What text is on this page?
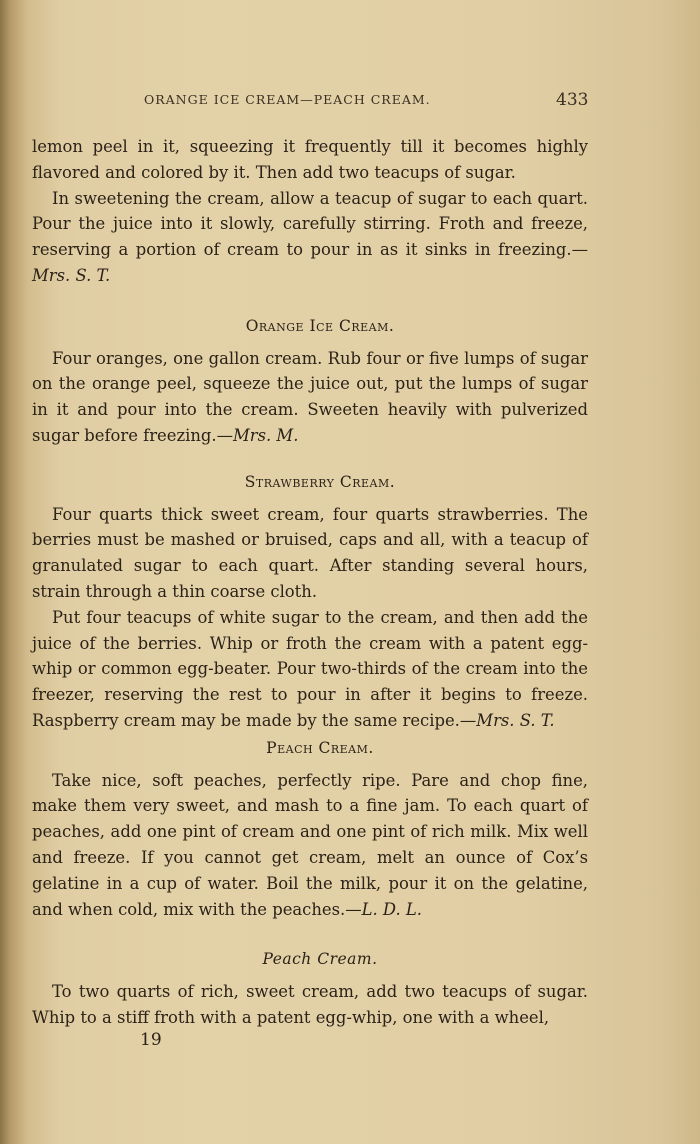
ORANGE ICE CREAM—PEACH CREAM.	433

lemon peel in it, squeezing it frequently till it becomes highly flavored and colored by it. Then add two teacups of sugar.

In sweetening the cream, allow a teacup of sugar to each quart. Pour the juice into it slowly, carefully stirring. Froth and freeze, reserving a portion of cream to pour in as it sinks in freezing.—Mrs. S. T.

Orange Ice Cream.

Four oranges, one gallon cream. Rub four or five lumps of sugar on the orange peel, squeeze the juice out, put the lumps of sugar in it and pour into the cream. Sweeten heavily with pulverized sugar before freezing.—Mrs. M.

Strawberry Cream.

Four quarts thick sweet cream, four quarts strawberries. The berries must be mashed or bruised, caps and all, with a teacup of granulated sugar to each quart. After standing several hours, strain through a thin coarse cloth.

Put four teacups of white sugar to the cream, and then add the juice of the berries. Whip or froth the cream with a patent egg-whip or common egg-beater. Pour two-thirds of the cream into the freezer, reserving the rest to pour in after it begins to freeze. Raspberry cream may be made by the same recipe.—Mrs. S. T.

Peach Cream.

Take nice, soft peaches, perfectly ripe. Pare and chop fine, make them very sweet, and mash to a fine jam. To each quart of peaches, add one pint of cream and one pint of rich milk. Mix well and freeze. If you cannot get cream, melt an ounce of Cox’s gelatine in a cup of water. Boil the milk, pour it on the gelatine, and when cold, mix with the peaches.—L. D. L.

Peach Cream.

To two quarts of rich, sweet cream, add two teacups of sugar. Whip to a stiff froth with a patent egg-whip, one with a wheel,

19
